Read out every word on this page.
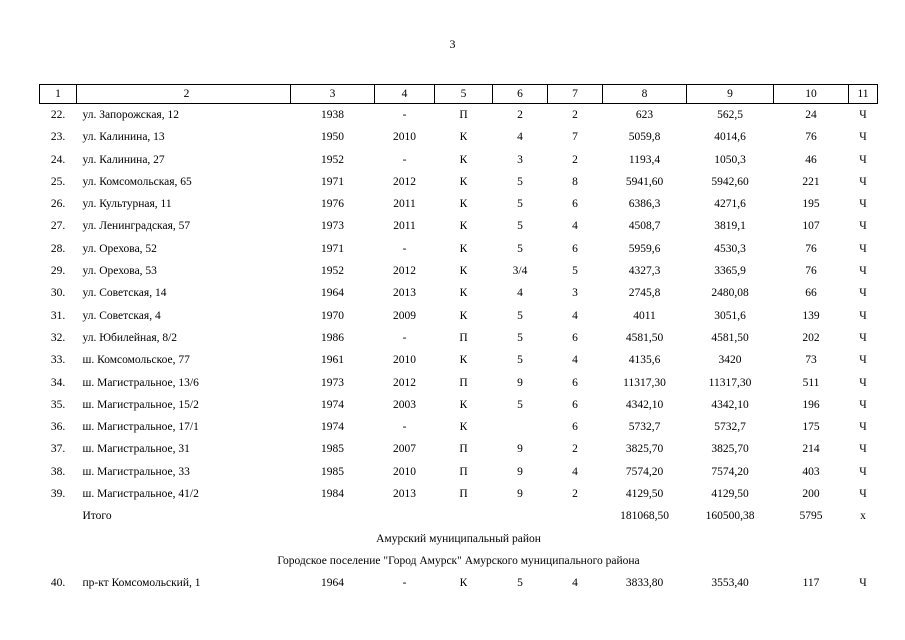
3
1	2	3	4	5	6	7	8	9	10	11
22.	ул. Запорожская, 12	1938	-	П	2	2	623	562,5	24	Ч
23.	ул. Калинина, 13	1950	2010	К	4	7	5059,8	4014,6	76	Ч
24.	ул. Калинина, 27	1952	-	К	3	2	1193,4	1050,3	46	Ч
25.	ул. Комсомольская, 65	1971	2012	К	5	8	5941,60	5942,60	221	Ч
26.	ул. Культурная, 11	1976	2011	К	5	6	6386,3	4271,6	195	Ч
27.	ул. Ленинградская, 57	1973	2011	К	5	4	4508,7	3819,1	107	Ч
28.	ул. Орехова, 52	1971	-	К	5	6	5959,6	4530,3	76	Ч
29.	ул. Орехова, 53	1952	2012	К	3/4	5	4327,3	3365,9	76	Ч
30.	ул. Советская, 14	1964	2013	К	4	3	2745,8	2480,08	66	Ч
31.	ул. Советская, 4	1970	2009	К	5	4	4011	3051,6	139	Ч
32.	ул. Юбилейная, 8/2	1986	-	П	5	6	4581,50	4581,50	202	Ч
33.	ш. Комсомольское, 77	1961	2010	К	5	4	4135,6	3420	73	Ч
34.	ш. Магистральное, 13/6	1973	2012	П	9	6	11317,30	11317,30	511	Ч
35.	ш. Магистральное, 15/2	1974	2003	К	5	6	4342,10	4342,10	196	Ч
36.	ш. Магистральное, 17/1	1974	-	К		6	5732,7	5732,7	175	Ч
37.	ш. Магистральное, 31	1985	2007	П	9	2	3825,70	3825,70	214	Ч
38.	ш. Магистральное, 33	1985	2010	П	9	4	7574,20	7574,20	403	Ч
39.	ш. Магистральное, 41/2	1984	2013	П	9	2	4129,50	4129,50	200	Ч
	Итого						181068,50	160500,38	5795	х
Амурский муниципальный район										
Городское поселение "Город Амурск" Амурского муниципального района										
40.	пр-кт Комсомольский, 1	1964	-	К	5	4	3833,80	3553,40	117	Ч
